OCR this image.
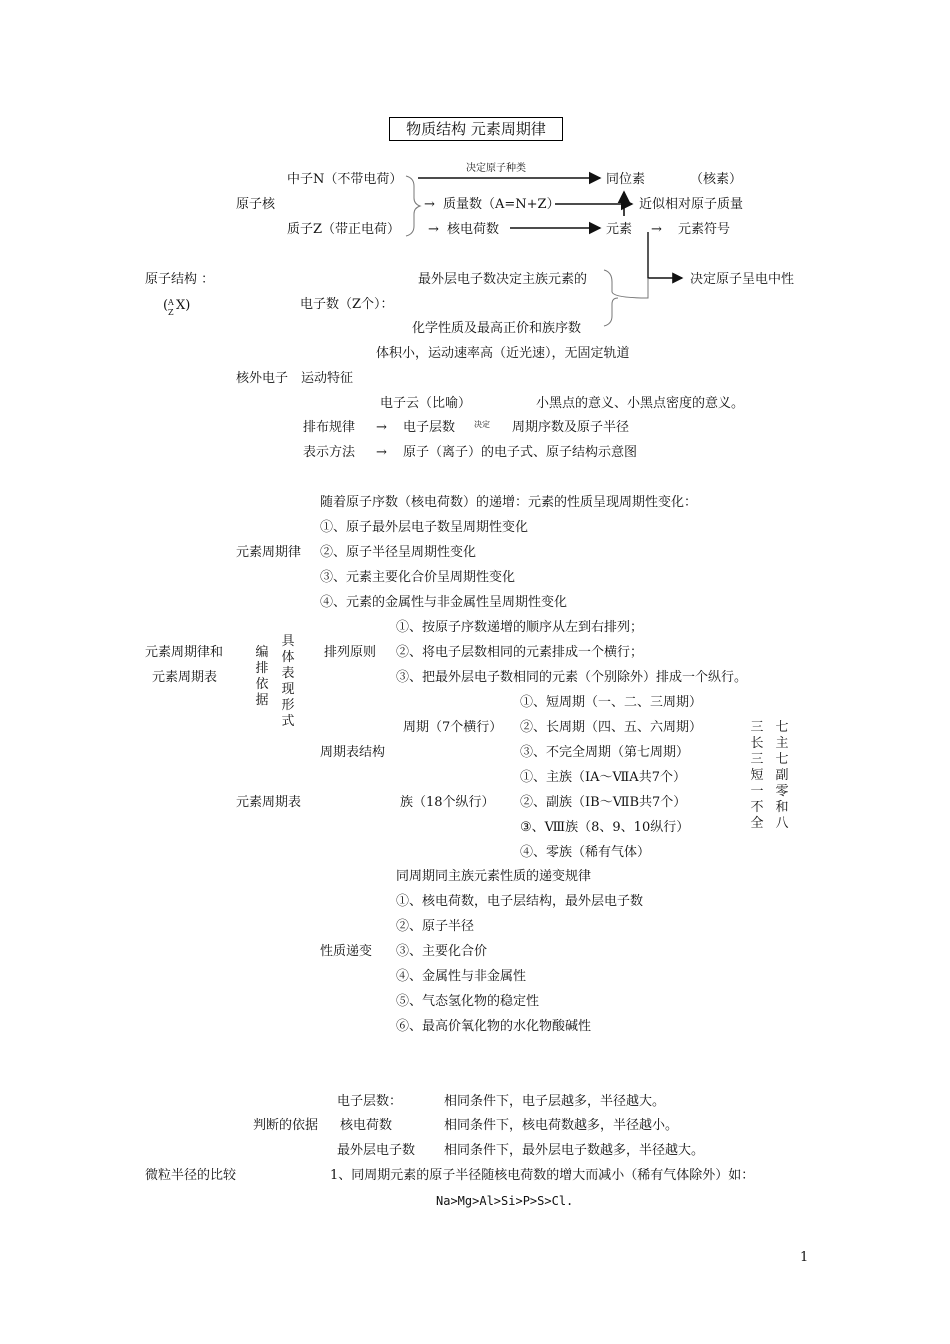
物质结构 元素周期律
决定原子种类
中子N（不带电荷）	同位素	（核素）
原子核	→ 质量数（A=N+Z）	近似相对原子质量
质子Z（带正电荷） → 核电荷数	元素 → 元素符号
原子结构 ：	最外层电子数决定主族元素的	决定原子呈电中性
( A
Z X)	电子数（Z个）：
化学性质及最高正价和族序数
体积小，运动速率高（近光速），无固定轨道
核外电子 运动特征
电子云（比喻）	小黑点的意义、小黑点密度的意义。
排布规律 → 电子层数 决定 周期序数及原子半径
表示方法 → 原子（离子）的电子式、原子结构示意图
随着原子序数（核电荷数）的递增：元素的性质呈现周期性变化：
①、原子最外层电子数呈周期性变化
元素周期律 ②、原子半径呈周期性变化
③、元素主要化合价呈周期性变化
④、元素的金属性与非金属性呈周期性变化
①、按原子序数递增的顺序从左到右排列；
具体表现形式
元素周期律和 编排依据
排列原则 ②、将电子层数相同的元素排成一个横行；
元素周期表	③、把最外层电子数相同的元素（个别除外）排成一个纵行。
①、短周期（一、二、三周期）
周期（7个横行） ②、长周期（四、五、六周期）	三长三短一不全
七主七副零和八
周期表结构	③、不完全周期（第七周期）
①、主族（ⅠA～ⅦA共7个）
元素周期表	族（18个纵行） ②、副族（ⅠB～ⅦB共7个）
③、Ⅷ族（8、9、10纵行）
④、零族（稀有气体）
同周期同主族元素性质的递变规律
①、核电荷数，电子层结构，最外层电子数
②、原子半径
性质递变 ③、主要化合价
④、金属性与非金属性
⑤、气态氢化物的稳定性
⑥、最高价氧化物的水化物酸碱性
电子层数：	相同条件下，电子层越多，半径越大。
判断的依据 核电荷数	相同条件下，核电荷数越多，半径越小。
最外层电子数 相同条件下，最外层电子数越多，半径越大。
微粒半径的比较	1、同周期元素的原子半径随核电荷数的增大而减小（稀有气体除外）如：
Na>Mg>Al>Si>P>S>Cl.
1
